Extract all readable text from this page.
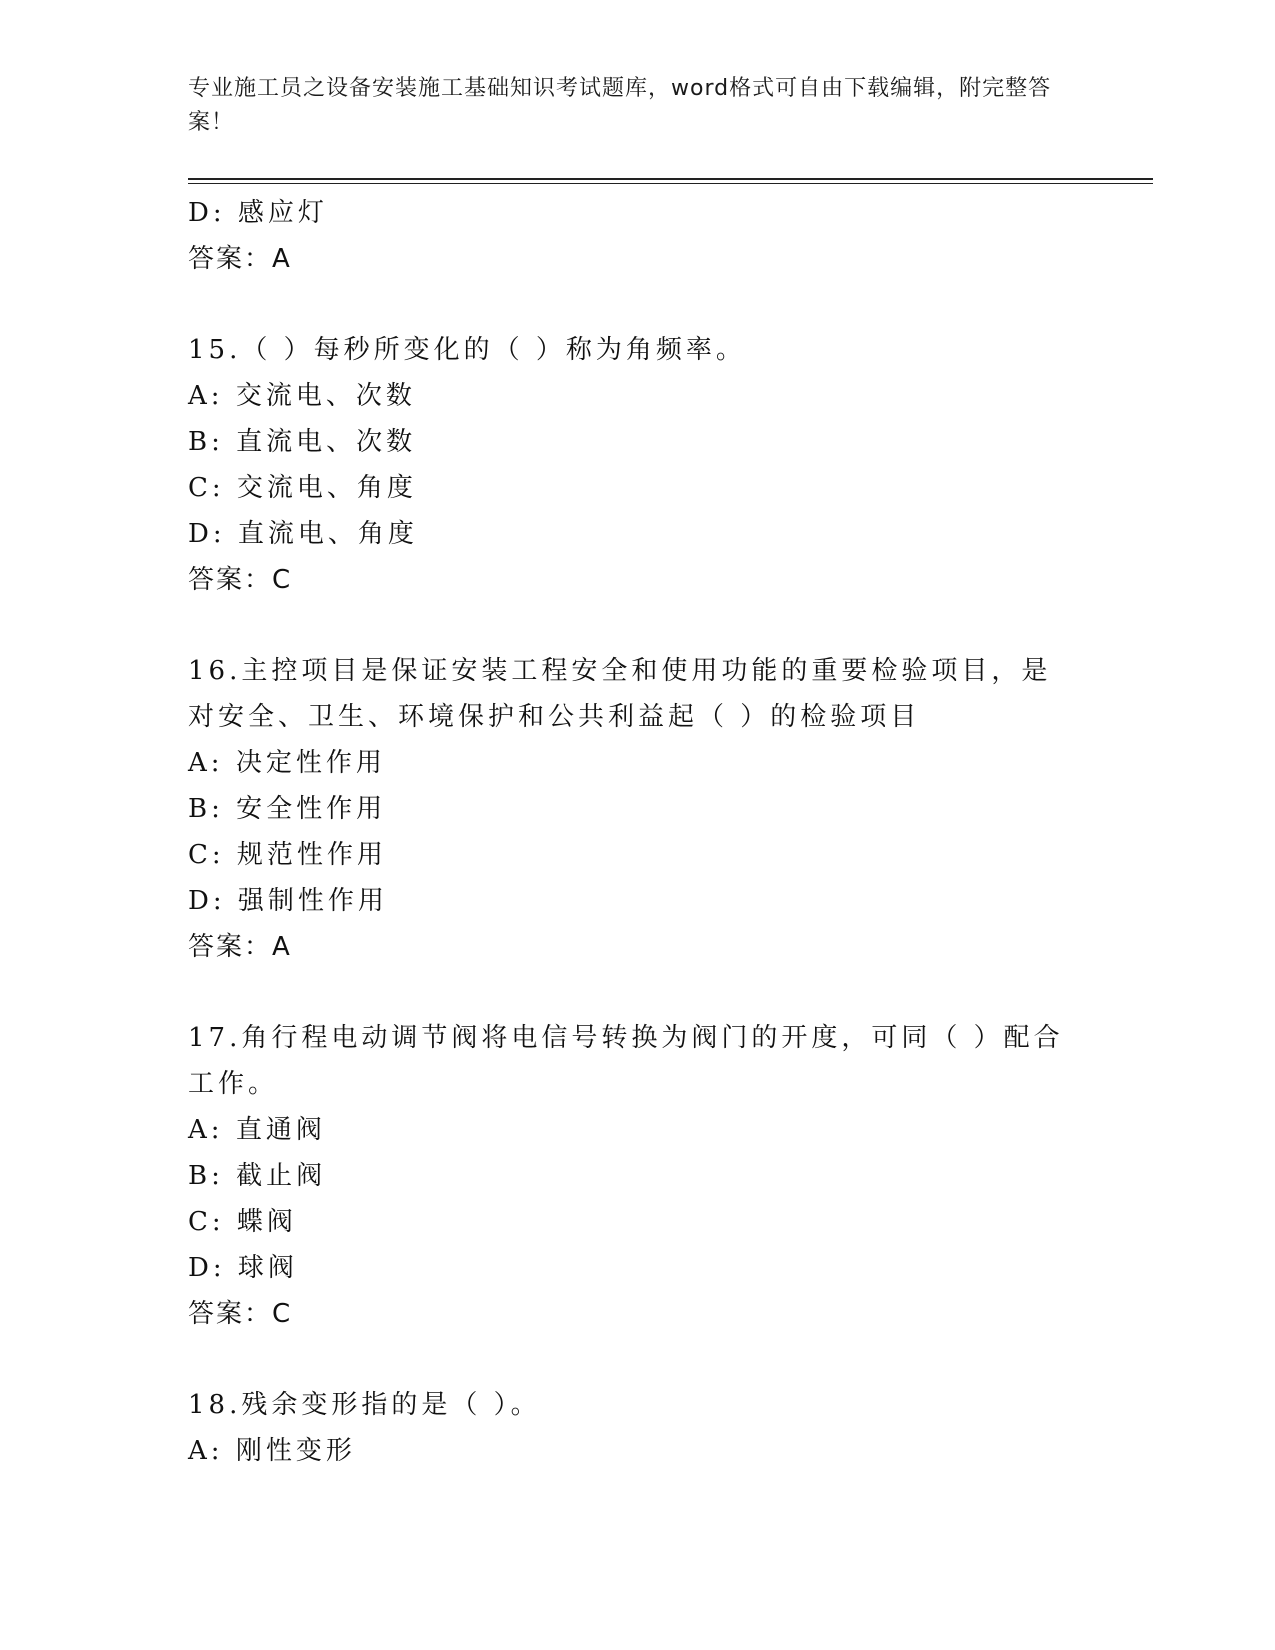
专业施工员之设备安装施工基础知识考试题库，word格式可自由下载编辑，附完整答案！
D: 感应灯
答案：A
15.（ ）每秒所变化的（ ）称为角频率。
A: 交流电、次数
B: 直流电、次数
C: 交流电、角度
D: 直流电、角度
答案：C
16.主控项目是保证安装工程安全和使用功能的重要检验项目，是对安全、卫生、环境保护和公共利益起（ ）的检验项目
A: 决定性作用
B: 安全性作用
C: 规范性作用
D: 强制性作用
答案：A
17.角行程电动调节阀将电信号转换为阀门的开度，可同（ ）配合工作。
A: 直通阀
B: 截止阀
C: 蝶阀
D: 球阀
答案：C
18.残余变形指的是（ ）。
A: 刚性变形
